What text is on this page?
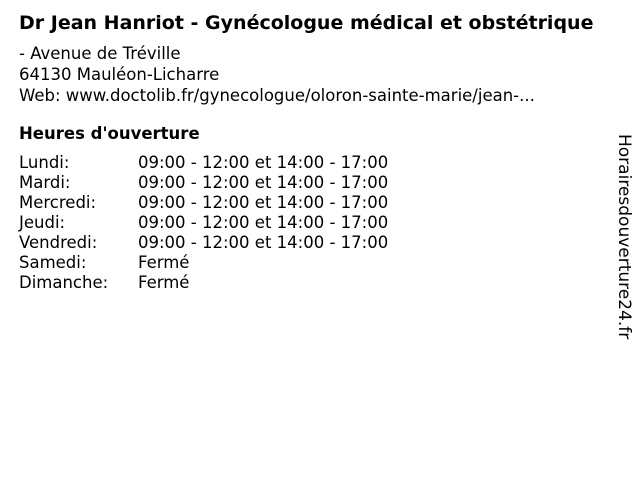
Dr Jean Hanriot - Gynécologue médical et obstétrique
- Avenue de Tréville
64130 Mauléon-Licharre
Web: www.doctolib.fr/gynecologue/oloron-sainte-marie/jean-...
Heures d'ouverture
Lundi:	09:00 - 12:00 et 14:00 - 17:00
Mardi:	09:00 - 12:00 et 14:00 - 17:00
Mercredi:	09:00 - 12:00 et 14:00 - 17:00
Jeudi:	09:00 - 12:00 et 14:00 - 17:00
Vendredi: 09:00 - 12:00 et 14:00 - 17:00
Samedi:	Fermé
Dimanche: Fermé	Horairesdouverture24.fr
